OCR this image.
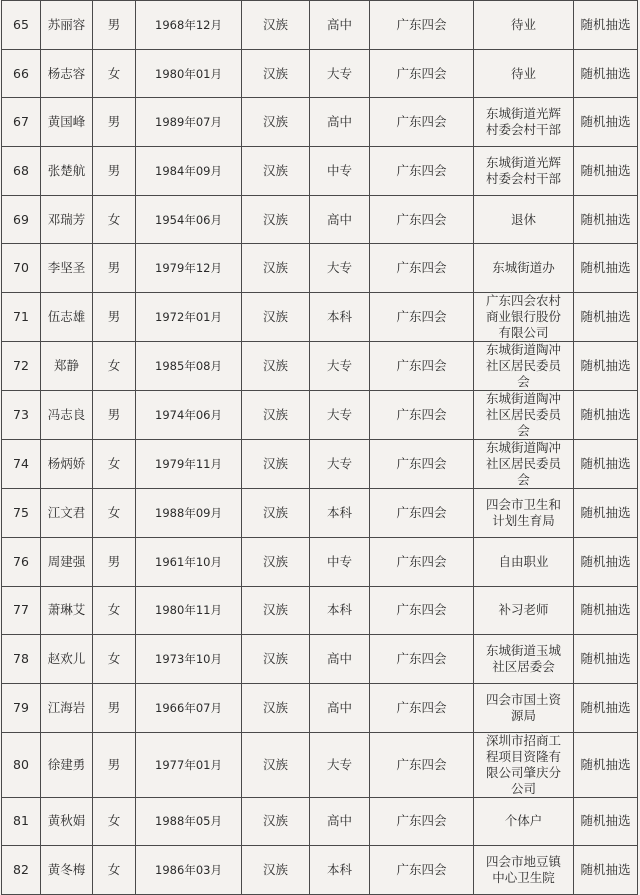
65	苏丽容	男	1968年12月	汉族	高中	广东四会	待业	随机抽选
66	杨志容	女	1980年01月	汉族	大专	广东四会	待业	随机抽选
67	黄国峰	男	1989年07月	汉族	高中	广东四会	东城街道光辉村委会村干部	随机抽选
68	张楚航	男	1984年09月	汉族	中专	广东四会	东城街道光辉村委会村干部	随机抽选
69	邓瑞芳	女	1954年06月	汉族	高中	广东四会	退休	随机抽选
70	李坚圣	男	1979年12月	汉族	大专	广东四会	东城街道办	随机抽选
71	伍志雄	男	1972年01月	汉族	本科	广东四会	广东四会农村商业银行股份有限公司	随机抽选
72	郑静	女	1985年08月	汉族	大专	广东四会	东城街道陶冲社区居民委员会	随机抽选
73	冯志良	男	1974年06月	汉族	大专	广东四会	东城街道陶冲社区居民委员会	随机抽选
74	杨炳娇	女	1979年11月	汉族	大专	广东四会	东城街道陶冲社区居民委员会	随机抽选
75	江文君	女	1988年09月	汉族	本科	广东四会	四会市卫生和计划生育局	随机抽选
76	周建强	男	1961年10月	汉族	中专	广东四会	自由职业	随机抽选
77	萧琳艾	女	1980年11月	汉族	本科	广东四会	补习老师	随机抽选
78	赵欢儿	女	1973年10月	汉族	高中	广东四会	东城街道玉城社区居委会	随机抽选
79	江海岩	男	1966年07月	汉族	高中	广东四会	四会市国土资源局	随机抽选
80	徐建勇	男	1977年01月	汉族	大专	广东四会	深圳市招商工程项目资隆有限公司肇庆分公司	随机抽选
81	黄秋娟	女	1988年05月	汉族	高中	广东四会	个体户	随机抽选
82	黄冬梅	女	1986年03月	汉族	本科	广东四会	四会市地豆镇中心卫生院	随机抽选
